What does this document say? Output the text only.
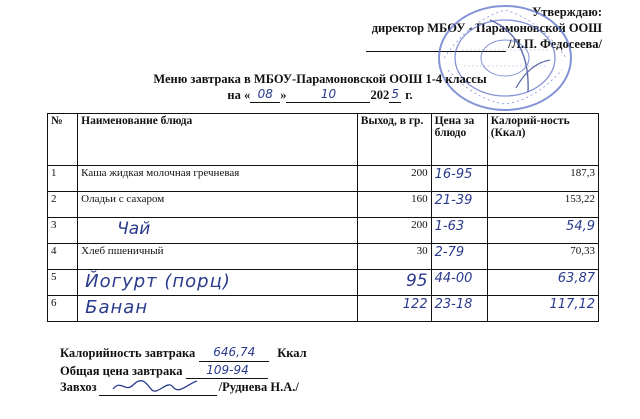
Утверждаю:
директор МБОУ - Парамоновской ООШ
/Л.П. Федосеева/
Меню завтрака в МБОУ-Парамоновской ООШ 1-4 классы
на « 08 »	10	202 5 г.
№	Наименование блюда	Выход, в гр.	Цена за блюдо	Калорий-ность (Ккал)
1	Каша жидкая молочная гречневая	200	16-95	187,3
2	Оладьи с сахаром	160	21-39	153,22
3	Чай	200	1-63	54,9
4	Хлеб пшеничный	30	2-79	70,33
5	Йогурт (порц)	95	44-00	63,87
6	Банан	122	23-18	117,12
Калорийность завтрака	646,74	Ккал
Общая цена завтрака	109-94
Завхоз	/Руднева Н.А./
